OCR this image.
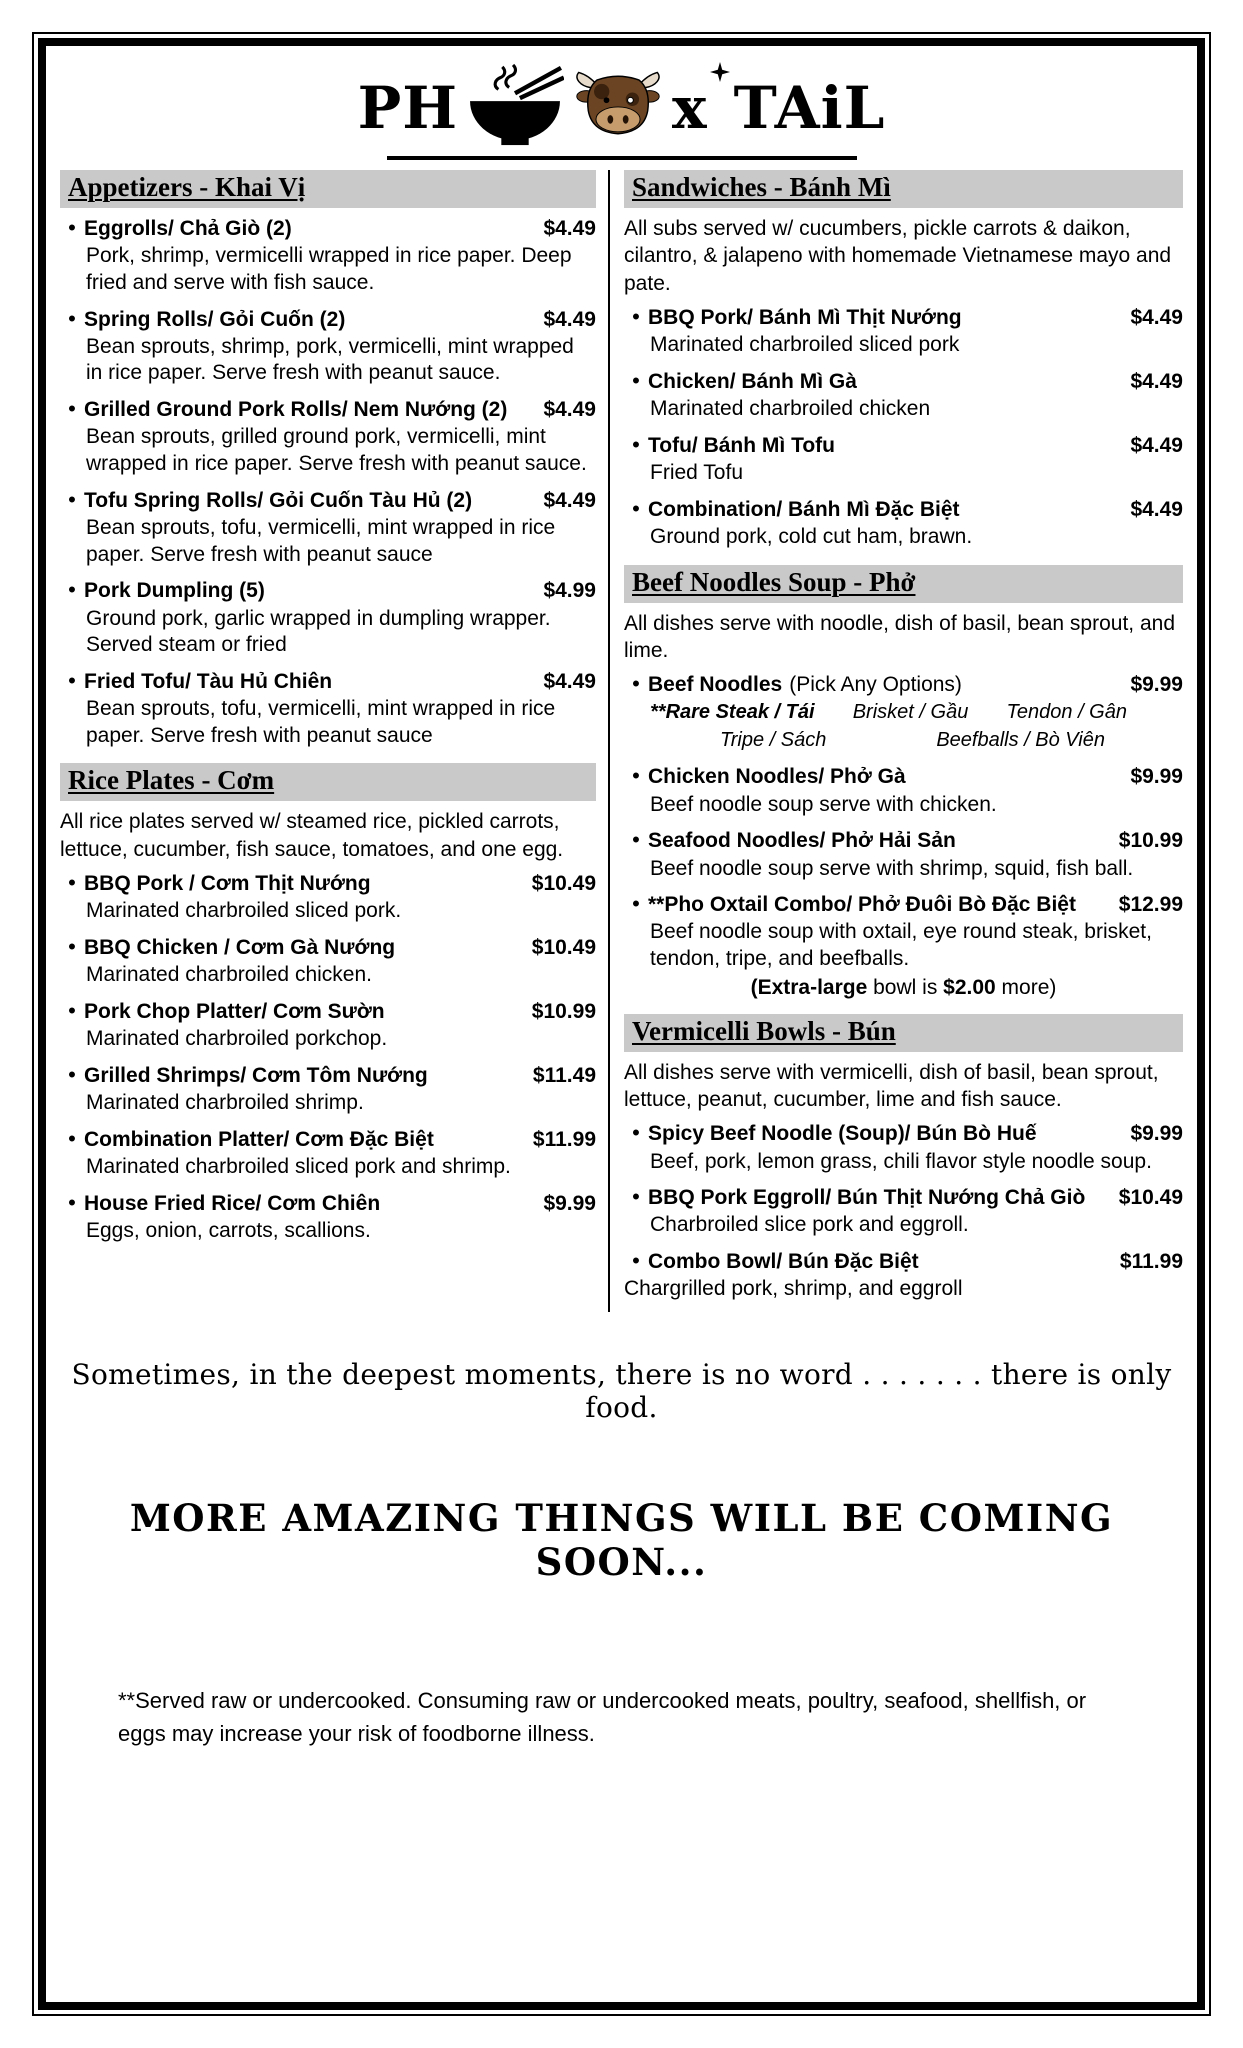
PH	x TAiL
Appetizers - Khai Vị
•
Eggrolls/ Chả Giò (2)	$4.49
Pork, shrimp, vermicelli wrapped in rice paper. Deep fried and serve with fish sauce.
•
Spring Rolls/ Gỏi Cuốn (2)	$4.49
Bean sprouts, shrimp, pork, vermicelli, mint wrapped in rice paper. Serve fresh with peanut sauce.
•
Grilled Ground Pork Rolls/ Nem Nướng (2)	$4.49
Bean sprouts, grilled ground pork, vermicelli, mint wrapped in rice paper. Serve fresh with peanut sauce.
•
Tofu Spring Rolls/ Gỏi Cuốn Tàu Hủ (2)	$4.49
Bean sprouts, tofu, vermicelli, mint wrapped in rice paper. Serve fresh with peanut sauce
•
Pork Dumpling (5)	$4.99
Ground pork, garlic wrapped in dumpling wrapper. Served steam or fried
•
Fried Tofu/ Tàu Hủ Chiên	$4.49
Bean sprouts, tofu, vermicelli, mint wrapped in rice paper. Serve fresh with peanut sauce
Rice Plates - Cơm
All rice plates served w/ steamed rice, pickled carrots, lettuce, cucumber, fish sauce, tomatoes, and one egg.
•
BBQ Pork / Cơm Thịt Nướng	$10.49
Marinated charbroiled sliced pork.
•
BBQ Chicken / Cơm Gà Nướng	$10.49
Marinated charbroiled chicken.
•
Pork Chop Platter/ Cơm Sườn	$10.99
Marinated charbroiled porkchop.
•
Grilled Shrimps/ Cơm Tôm Nướng	$11.49
Marinated charbroiled shrimp.
•
Combination Platter/ Cơm Đặc Biệt	$11.99
Marinated charbroiled sliced pork and shrimp.
•
House Fried Rice/ Cơm Chiên	$9.99
Eggs, onion, carrots, scallions.
Sandwiches - Bánh Mì
All subs served w/ cucumbers, pickle carrots & daikon, cilantro, & jalapeno with homemade Vietnamese mayo and pate.
•
BBQ Pork/ Bánh Mì Thịt Nướng	$4.49
Marinated charbroiled sliced pork
•
Chicken/ Bánh Mì Gà	$4.49
Marinated charbroiled chicken
•
Tofu/ Bánh Mì Tofu	$4.49
Fried Tofu
•
Combination/ Bánh Mì Đặc Biệt	$4.49
Ground pork, cold cut ham, brawn.
Beef Noodles Soup - Phở
All dishes serve with noodle, dish of basil, bean sprout, and lime.
•
Beef Noodles (Pick Any Options)	$9.99
**Rare Steak / Tái Brisket / Gầu Tendon / Gân
Tripe / Sách	Beefballs / Bò Viên
•
Chicken Noodles/ Phở Gà	$9.99
Beef noodle soup serve with chicken.
•
Seafood Noodles/ Phở Hải Sản	$10.99
Beef noodle soup serve with shrimp, squid, fish ball.
•
**Pho Oxtail Combo/ Phở Đuôi Bò Đặc Biệt	$12.99
Beef noodle soup with oxtail, eye round steak, brisket, tendon, tripe, and beefballs.
(Extra-large bowl is $2.00 more)
Vermicelli Bowls - Bún
All dishes serve with vermicelli, dish of basil, bean sprout, lettuce, peanut, cucumber, lime and fish sauce.
•
Spicy Beef Noodle (Soup)/ Bún Bò Huế	$9.99
Beef, pork, lemon grass, chili flavor style noodle soup.
•
BBQ Pork Eggroll/ Bún Thịt Nướng Chả Giò	$10.49
Charbroiled slice pork and eggroll.
•
Combo Bowl/ Bún Đặc Biệt	$11.99
Chargrilled pork, shrimp, and eggroll
Sometimes, in the deepest moments, there is no word . . . . . . . there is only food.
MORE AMAZING THINGS WILL BE COMING SOON...
**Served raw or undercooked. Consuming raw or undercooked meats, poultry, seafood, shellfish, or eggs may increase your risk of foodborne illness.
